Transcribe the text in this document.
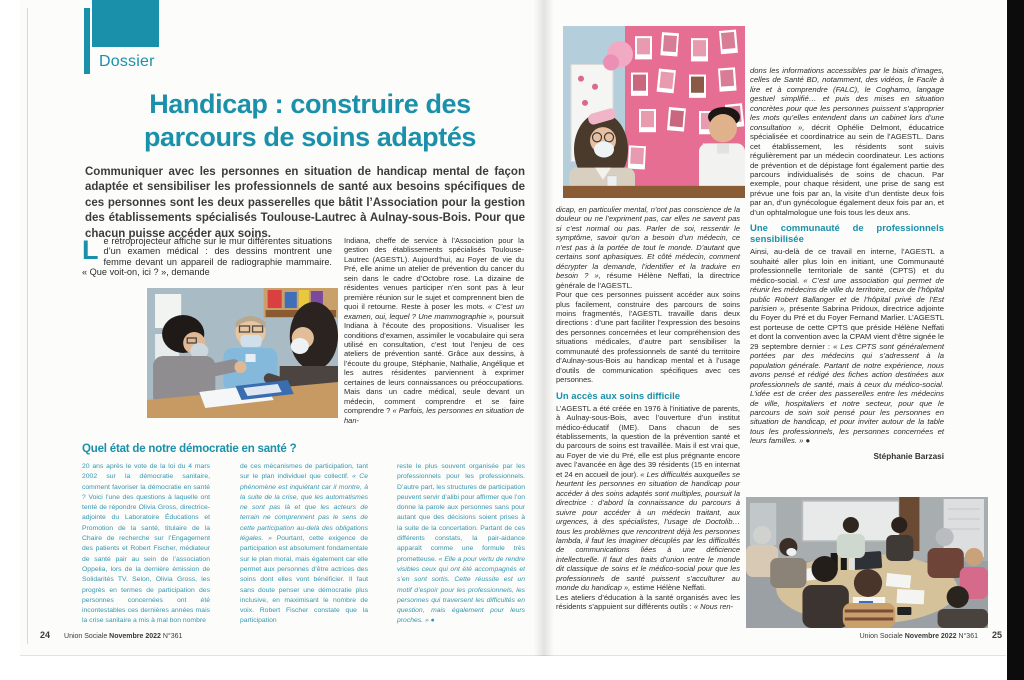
Dossier
Handicap : construire des
parcours de soins adaptés

Communiquer avec les personnes en situation de handicap mental de façon adaptée et sensibiliser les professionnels de santé aux besoins spécifiques de ces personnes sont les deux passerelles que bâtit l’Association pour la gestion des établissements spécialisés Toulouse-Lautrec à Aulnay-sous-Bois. Pour que chacun puisse accéder aux soins.

Le rétroprojecteur affiche sur le mur différentes situations d’un examen médical : des dessins montrent une femme devant un appareil de radiographie mammaire. « Que voit-on, ici ? », demande

Indiana, cheffe de service à l’Association pour la gestion des établissements spécialisés Toulouse-Lautrec (AGESTL). Aujourd’hui, au Foyer de vie du Pré, elle anime un atelier de prévention du cancer du sein dans le cadre d’Octobre rose. La dizaine de résidentes venues participer n’en sont pas à leur première réunion sur le sujet et comprennent bien de quoi il retourne. Reste à poser les mots. « C’est un examen, oui, lequel ? Une mammographie », poursuit Indiana à l’écoute des propositions. Visualiser les conditions d’examen, assimiler le vocabulaire qui sera utilisé en consultation, c’est tout l’enjeu de ces ateliers de prévention santé. Grâce aux dessins, à l’écoute du groupe, Stéphanie, Nathalie, Angélique et les autres résidentes parviennent à exprimer certaines de leurs connaissances ou préoccupations. Mais dans un cadre médical, seule devant un médecin, comment comprendre et se faire comprendre ? « Parfois, les personnes en situation de han-

Quel état de notre démocratie en santé ?
20 ans après le vote de la loi du 4 mars 2002 sur la démocratie sanitaire, comment favoriser la démocratie en santé ? Voici l’une des questions à laquelle ont tenté de répondre Olivia Gross, directrice-adjointe du Laboratoire Éducations et Promotion de la santé, titulaire de la Chaire de recherche sur l’Engagement des patients et Robert Fischer, médiateur de santé pair au sein de l’association Oppelia, lors de la dernière émission de Solidarités TV. Selon, Olivia Gross, les progrès en termes de participation des personnes concernées ont été incontestables ces dernières années mais la crise sanitaire a mis à mal bon nombre
de ces mécanismes de participation, tant sur le plan individuel que collectif. « Ce phénomène est inquiétant car il montre, à la suite de la crise, que les automatismes ne sont pas là et que les acteurs de terrain ne comprennent pas le sens de cette participation au-delà des obligations légales. » Pourtant, cette exigence de participation est absolument fondamentale sur le plan moral, mais également car elle permet aux personnes d’être actrices des soins dont elles vont bénéficier. Il faut sans doute penser une démocratie plus inclusive, en maximisant le nombre de voix. Robert Fischer constate que la participation
reste le plus souvent organisée par les professionnels pour les professionnels. D’autre part, les structures de participation peuvent servir d’alibi pour affirmer que l’on donne la parole aux personnes sans pour autant que des décisions soient prises à la suite de la concertation. Partant de ces différents constats, la pair-aidance apparaît comme une formule très prometteuse. « Elle a pour vertu de rendre visibles ceux qui ont été accompagnés et s’en sont sortis. Cette réussite est un motif d’espoir pour les professionnels, les personnes qui traversent les difficultés en question, mais également pour leurs proches. » ●
24 Union Sociale Novembre 2022 N°361

dicap, en particulier mental, n’ont pas conscience de la douleur ou ne l’expriment pas, car elles ne savent pas si c’est normal ou pas. Parler de soi, ressentir le symptôme, savoir qu’on a besoin d’un médecin, ce n’est pas à la portée de tout le monde. D’autant que certains sont aphasiques. Et côté médecin, comment décrypter la demande, l’identifier et la traduire en besoin ? », résume Hélène Neffati, la directrice générale de l’AGESTL.

Pour que ces personnes puissent accéder aux soins plus facilement, construire des parcours de soins moins fragmentés, l’AGESTL travaille dans deux directions : d’une part faciliter l’expression des besoins des personnes concernées et leur compréhension des situations médicales, d’autre part sensibiliser la communauté des professionnels de santé du territoire d’Aulnay-sous-Bois au handicap mental et à l’usage d’outils de communication spécifiques avec ces personnes.

Un accès aux soins difficile

L’AGESTL a été créée en 1976 à l’initiative de parents, à Aulnay-sous-Bois, avec l’ouverture d’un institut médico-éducatif (IME). Dans chacun de ses établissements, la question de la prévention santé et du parcours de soins est travaillée. Mais il est vrai que, au Foyer de vie du Pré, elle est plus prégnante encore avec l’avancée en âge des 39 résidents (15 en internat et 24 en accueil de jour). « Les difficultés auxquelles se heurtent les personnes en situation de handicap pour accéder à des soins adaptés sont multiples, poursuit la directrice : d’abord la connaissance du parcours à suivre pour accéder à un médecin traitant, aux urgences, à des spécialistes, l’usage de Doctolib… tous les problèmes que rencontrent déjà les personnes lambda, il faut les imaginer décuplés par les difficultés de communications liées à une déficience intellectuelle. Il faut des traits d’union entre le monde dit classique de soins et le médico-social pour que les professionnels de santé puissent s’acculturer au monde du handicap », estime Hélène Neffati.

Les ateliers d’éducation à la santé organisés avec les résidents s’appuient sur différents outils : « Nous ren-

dons les informations accessibles par le biais d’images, celles de Santé BD, notamment, des vidéos, le Facile à lire et à comprendre (FALC), le Coghamo, langage gestuel simplifié… et puis des mises en situation concrètes pour que les personnes puissent s’approprier les mots qu’elles entendent dans un cabinet lors d’une consultation », décrit Ophélie Delmont, éducatrice spécialisée et coordinatrice au sein de l’AGESTL. Dans cet établissement, les résidents sont suivis régulièrement par un médecin coordinateur. Les actions de prévention et de dépistage font également partie des parcours individualisés de soins de chacun. Par exemple, pour chaque résident, une prise de sang est prévue une fois par an, la visite d’un dentiste deux fois par an, d’un gynécologue également deux fois par an, et d’un ophtalmologue une fois tous les deux ans.

Une communauté de professionnels sensibilisée

Ainsi, au-delà de ce travail en interne, l’AGESTL a souhaité aller plus loin en initiant, une Communauté professionnelle territoriale de santé (CPTS) et du médico-social. « C’est une association qui permet de réunir les médecins de ville du territoire, ceux de l’hôpital public Robert Ballanger et de l’hôpital privé de l’Est parisien », présente Sabrina Pridoux, directrice adjointe du Foyer du Pré et du Foyer Fernand Marlier. L’AGESTL est porteuse de cette CPTS que préside Hélène Neffati et dont la convention avec la CPAM vient d’être signée le 29 septembre dernier : « Les CPTS sont généralement portées par des médecins qui s’adressent à la population générale. Partant de notre expérience, nous avons pensé et rédigé des fiches action destinées aux professionnels de santé, mais à ceux du médico-social. L’idée est de créer des passerelles entre les médecins de ville, hospitaliers et notre secteur, pour que le parcours de soin soit pensé pour les personnes en situation de handicap, et pour inviter autour de la table tous les professionnels, les personnes concernées et leurs familles. » ●

Stéphanie Barzasi
Union Sociale Novembre 2022 N°361 25
